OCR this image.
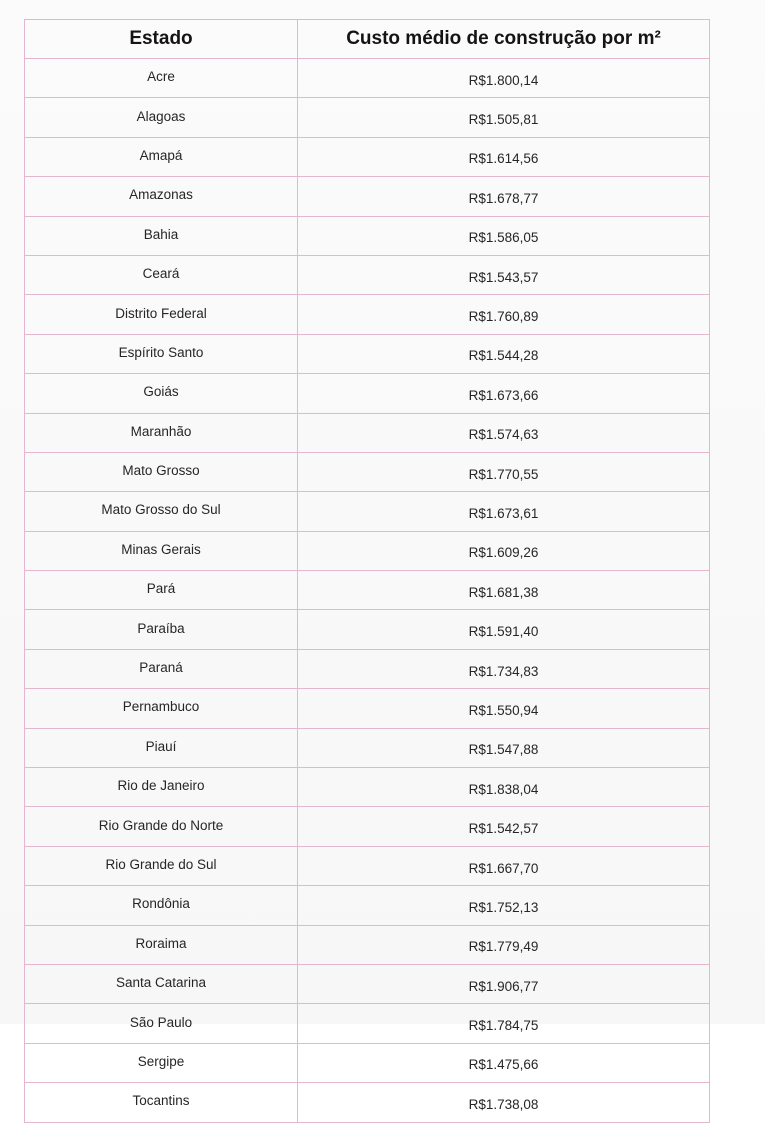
Estado	Custo médio de construção por m²
Acre	R$1.800,14
Alagoas	R$1.505,81
Amapá	R$1.614,56
Amazonas	R$1.678,77
Bahia	R$1.586,05
Ceará	R$1.543,57
Distrito Federal	R$1.760,89
Espírito Santo	R$1.544,28
Goiás	R$1.673,66
Maranhão	R$1.574,63
Mato Grosso	R$1.770,55
Mato Grosso do Sul	R$1.673,61
Minas Gerais	R$1.609,26
Pará	R$1.681,38
Paraíba	R$1.591,40
Paraná	R$1.734,83
Pernambuco	R$1.550,94
Piauí	R$1.547,88
Rio de Janeiro	R$1.838,04
Rio Grande do Norte	R$1.542,57
Rio Grande do Sul	R$1.667,70
Rondônia	R$1.752,13
Roraima	R$1.779,49
Santa Catarina	R$1.906,77
São Paulo	R$1.784,75
Sergipe	R$1.475,66
Tocantins	R$1.738,08
